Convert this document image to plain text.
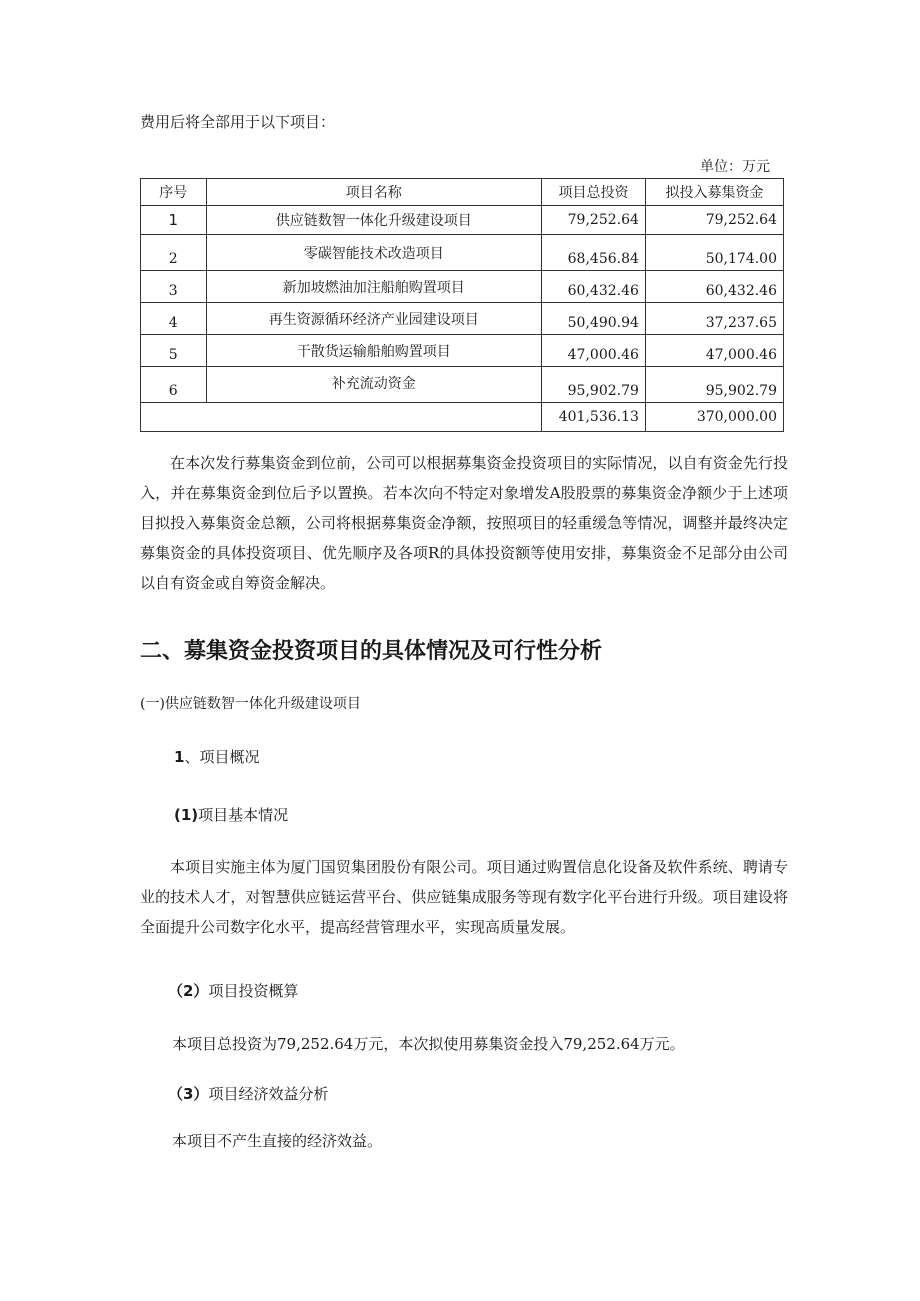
费用后将全部用于以下项目：
单位：万元
序号	项目名称	项目总投资	拟投入募集资金
1	供应链数智一体化升级建设项目	79,252.64	79,252.64
2	零碳智能技术改造项目	68,456.84	50,174.00
3	新加坡燃油加注船舶购置项目	60,432.46	60,432.46
4	再生资源循环经济产业园建设项目	50,490.94	37,237.65
5	干散货运输船舶购置项目	47,000.46	47,000.46
6	补充流动资金	95,902.79	95,902.79
		401,536.13	370,000.00
在本次发行募集资金到位前，公司可以根据募集资金投资项目的实际情况，以自有资金先行投入，并在募集资金到位后予以置换。若本次向不特定对象增发A股股票的募集资金净额少于上述项目拟投入募集资金总额，公司将根据募集资金净额，按照项目的轻重缓急等情况，调整并最终决定募集资金的具体投资项目、优先顺序及各项R的具体投资额等使用安排，募集资金不足部分由公司以自有资金或自筹资金解决。
二、募集资金投资项目的具体情况及可行性分析
(一)供应链数智一体化升级建设项目
1、项目概况
(1)项目基本情况
本项目实施主体为厦门国贸集团股份有限公司。项目通过购置信息化设备及软件系统、聘请专业的技术人才，对智慧供应链运营平台、供应链集成服务等现有数字化平台进行升级。项目建设将全面提升公司数字化水平，提高经营管理水平，实现高质量发展。
（2）项目投资概算
本项目总投资为79,252.64万元，本次拟使用募集资金投入79,252.64万元。
（3）项目经济效益分析
本项目不产生直接的经济效益。
